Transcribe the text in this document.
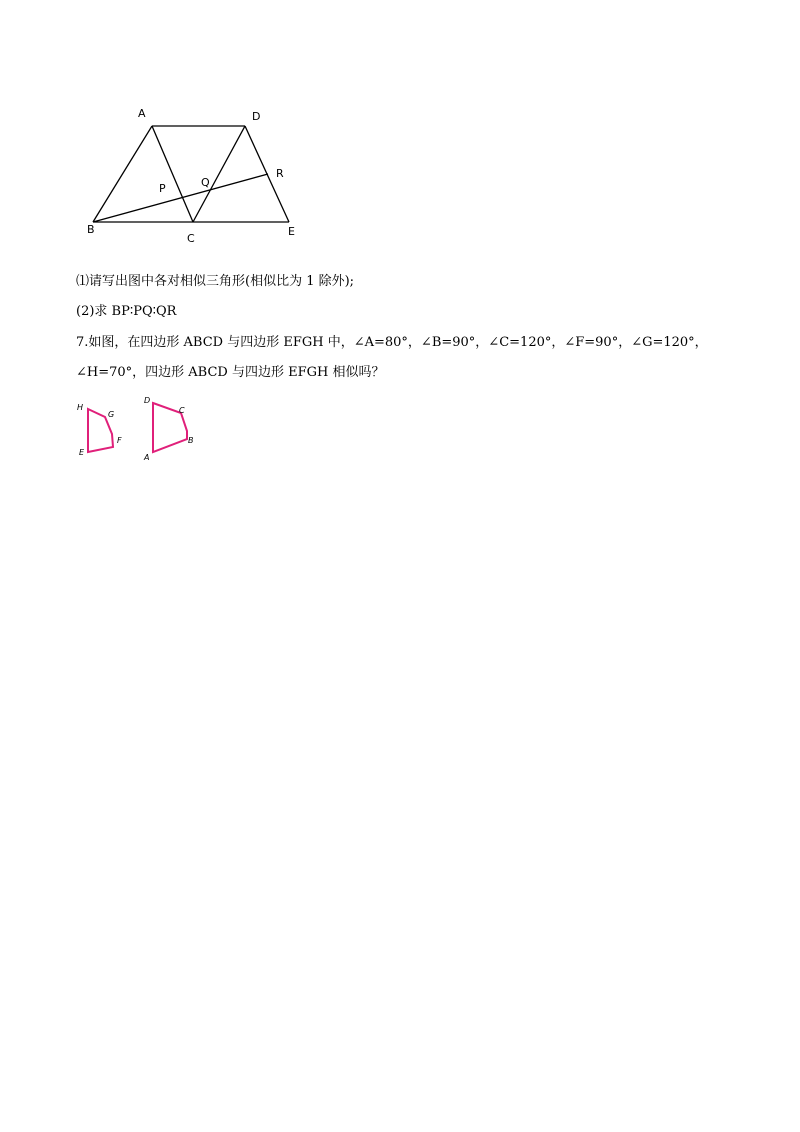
A	D
R
P	Q
B
C
E
H
G
F
E
D
C
B
A
⑴请写出图中各对相似三角形(相似比为 1 除外);
(2)求 BP∶PQ∶QR
7.如图，在四边形 ABCD 与四边形 EFGH 中，∠A=80°，∠B=90°，∠C=120°，∠F=90°，∠G=120°，
∠H=70°，四边形 ABCD 与四边形 EFGH 相似吗？
